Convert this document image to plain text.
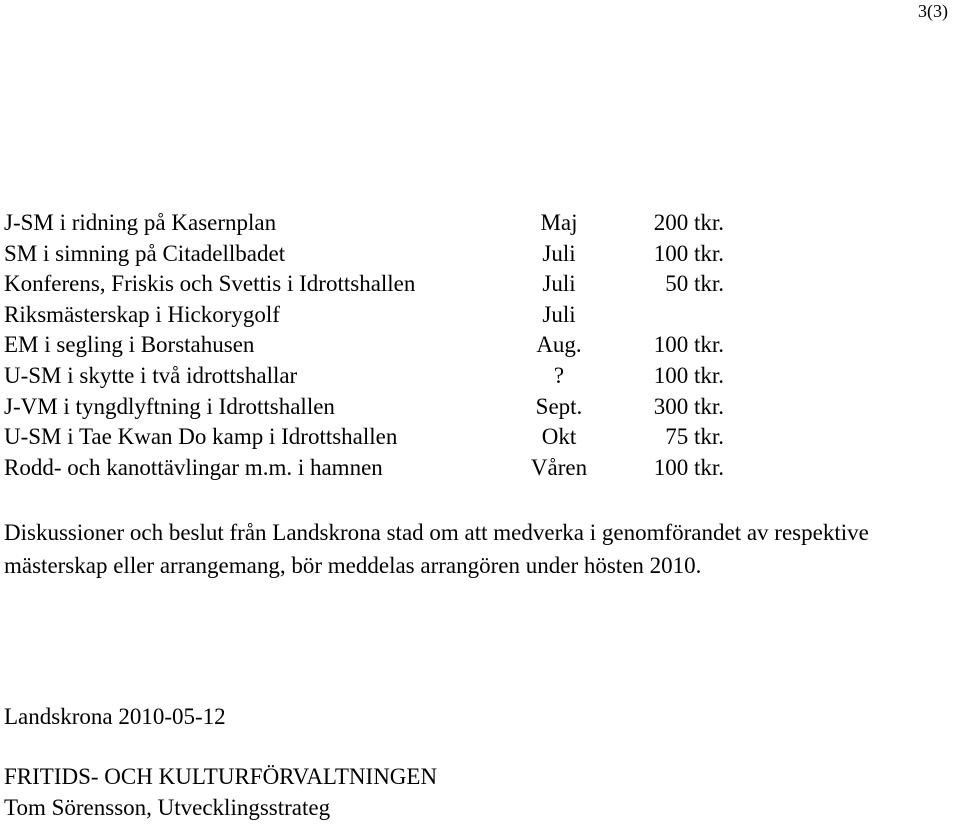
3(3)
J-SM i ridning på Kasernplan	Maj	200 tkr.
SM i simning på Citadellbadet	Juli	100 tkr.
Konferens, Friskis och Svettis i Idrottshallen	Juli	50 tkr.
Riksmästerskap i Hickorygolf	Juli
EM i segling i Borstahusen	Aug.	100 tkr.
U-SM i skytte i två idrottshallar	?	100 tkr.
J-VM i tyngdlyftning i Idrottshallen	Sept.	300 tkr.
U-SM i Tae Kwan Do kamp i Idrottshallen	Okt	75 tkr.
Rodd- och kanottävlingar m.m. i hamnen	Våren	100 tkr.

Diskussioner och beslut från Landskrona stad om att medverka i genomförandet av respektive mästerskap eller arrangemang, bör meddelas arrangören under hösten 2010.

Landskrona 2010-05-12
FRITIDS- OCH KULTURFÖRVALTNINGEN
Tom Sörensson, Utvecklingsstrateg
